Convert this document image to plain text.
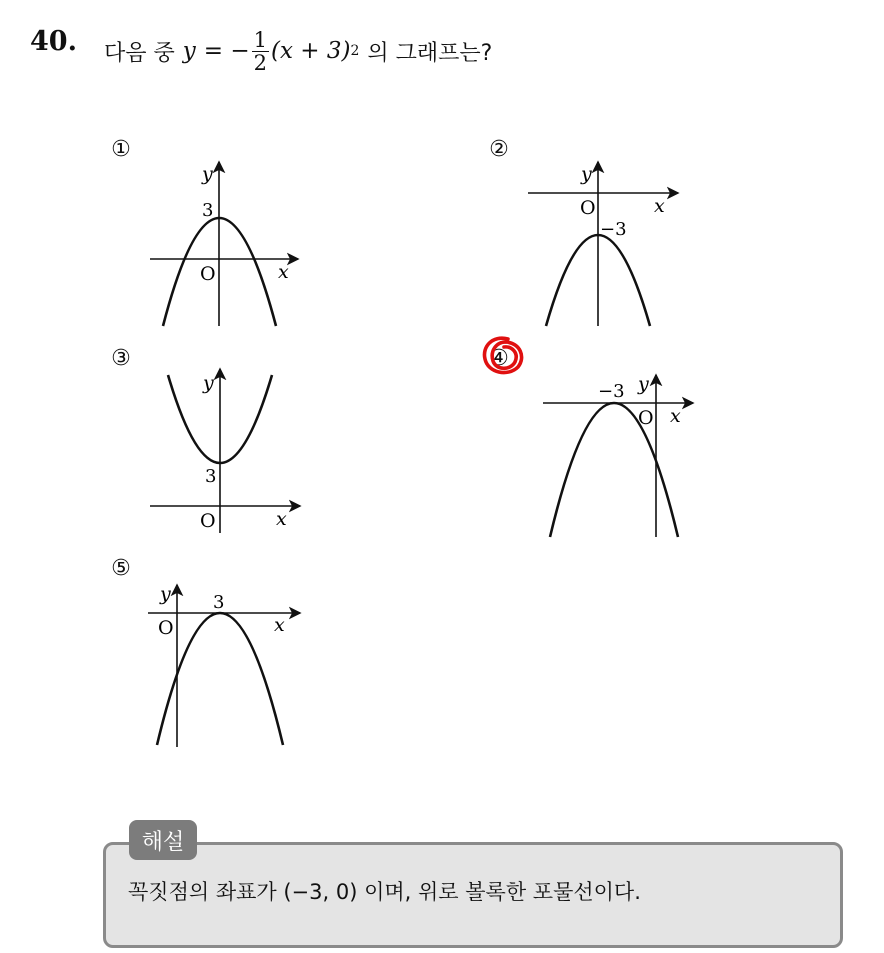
40. 다음 중 y = − $\frac{1}{2} (x + 3)$ 2 의 그래프는?
①
y
x
O
3
②
y
x
O
−3
③
y
x
O
3
④
y
x
O
−3
⑤
y
x
O
3
해설
꼭짓점의 좌표가 (−3, 0) 이며, 위로 볼록한 포물선이다.
